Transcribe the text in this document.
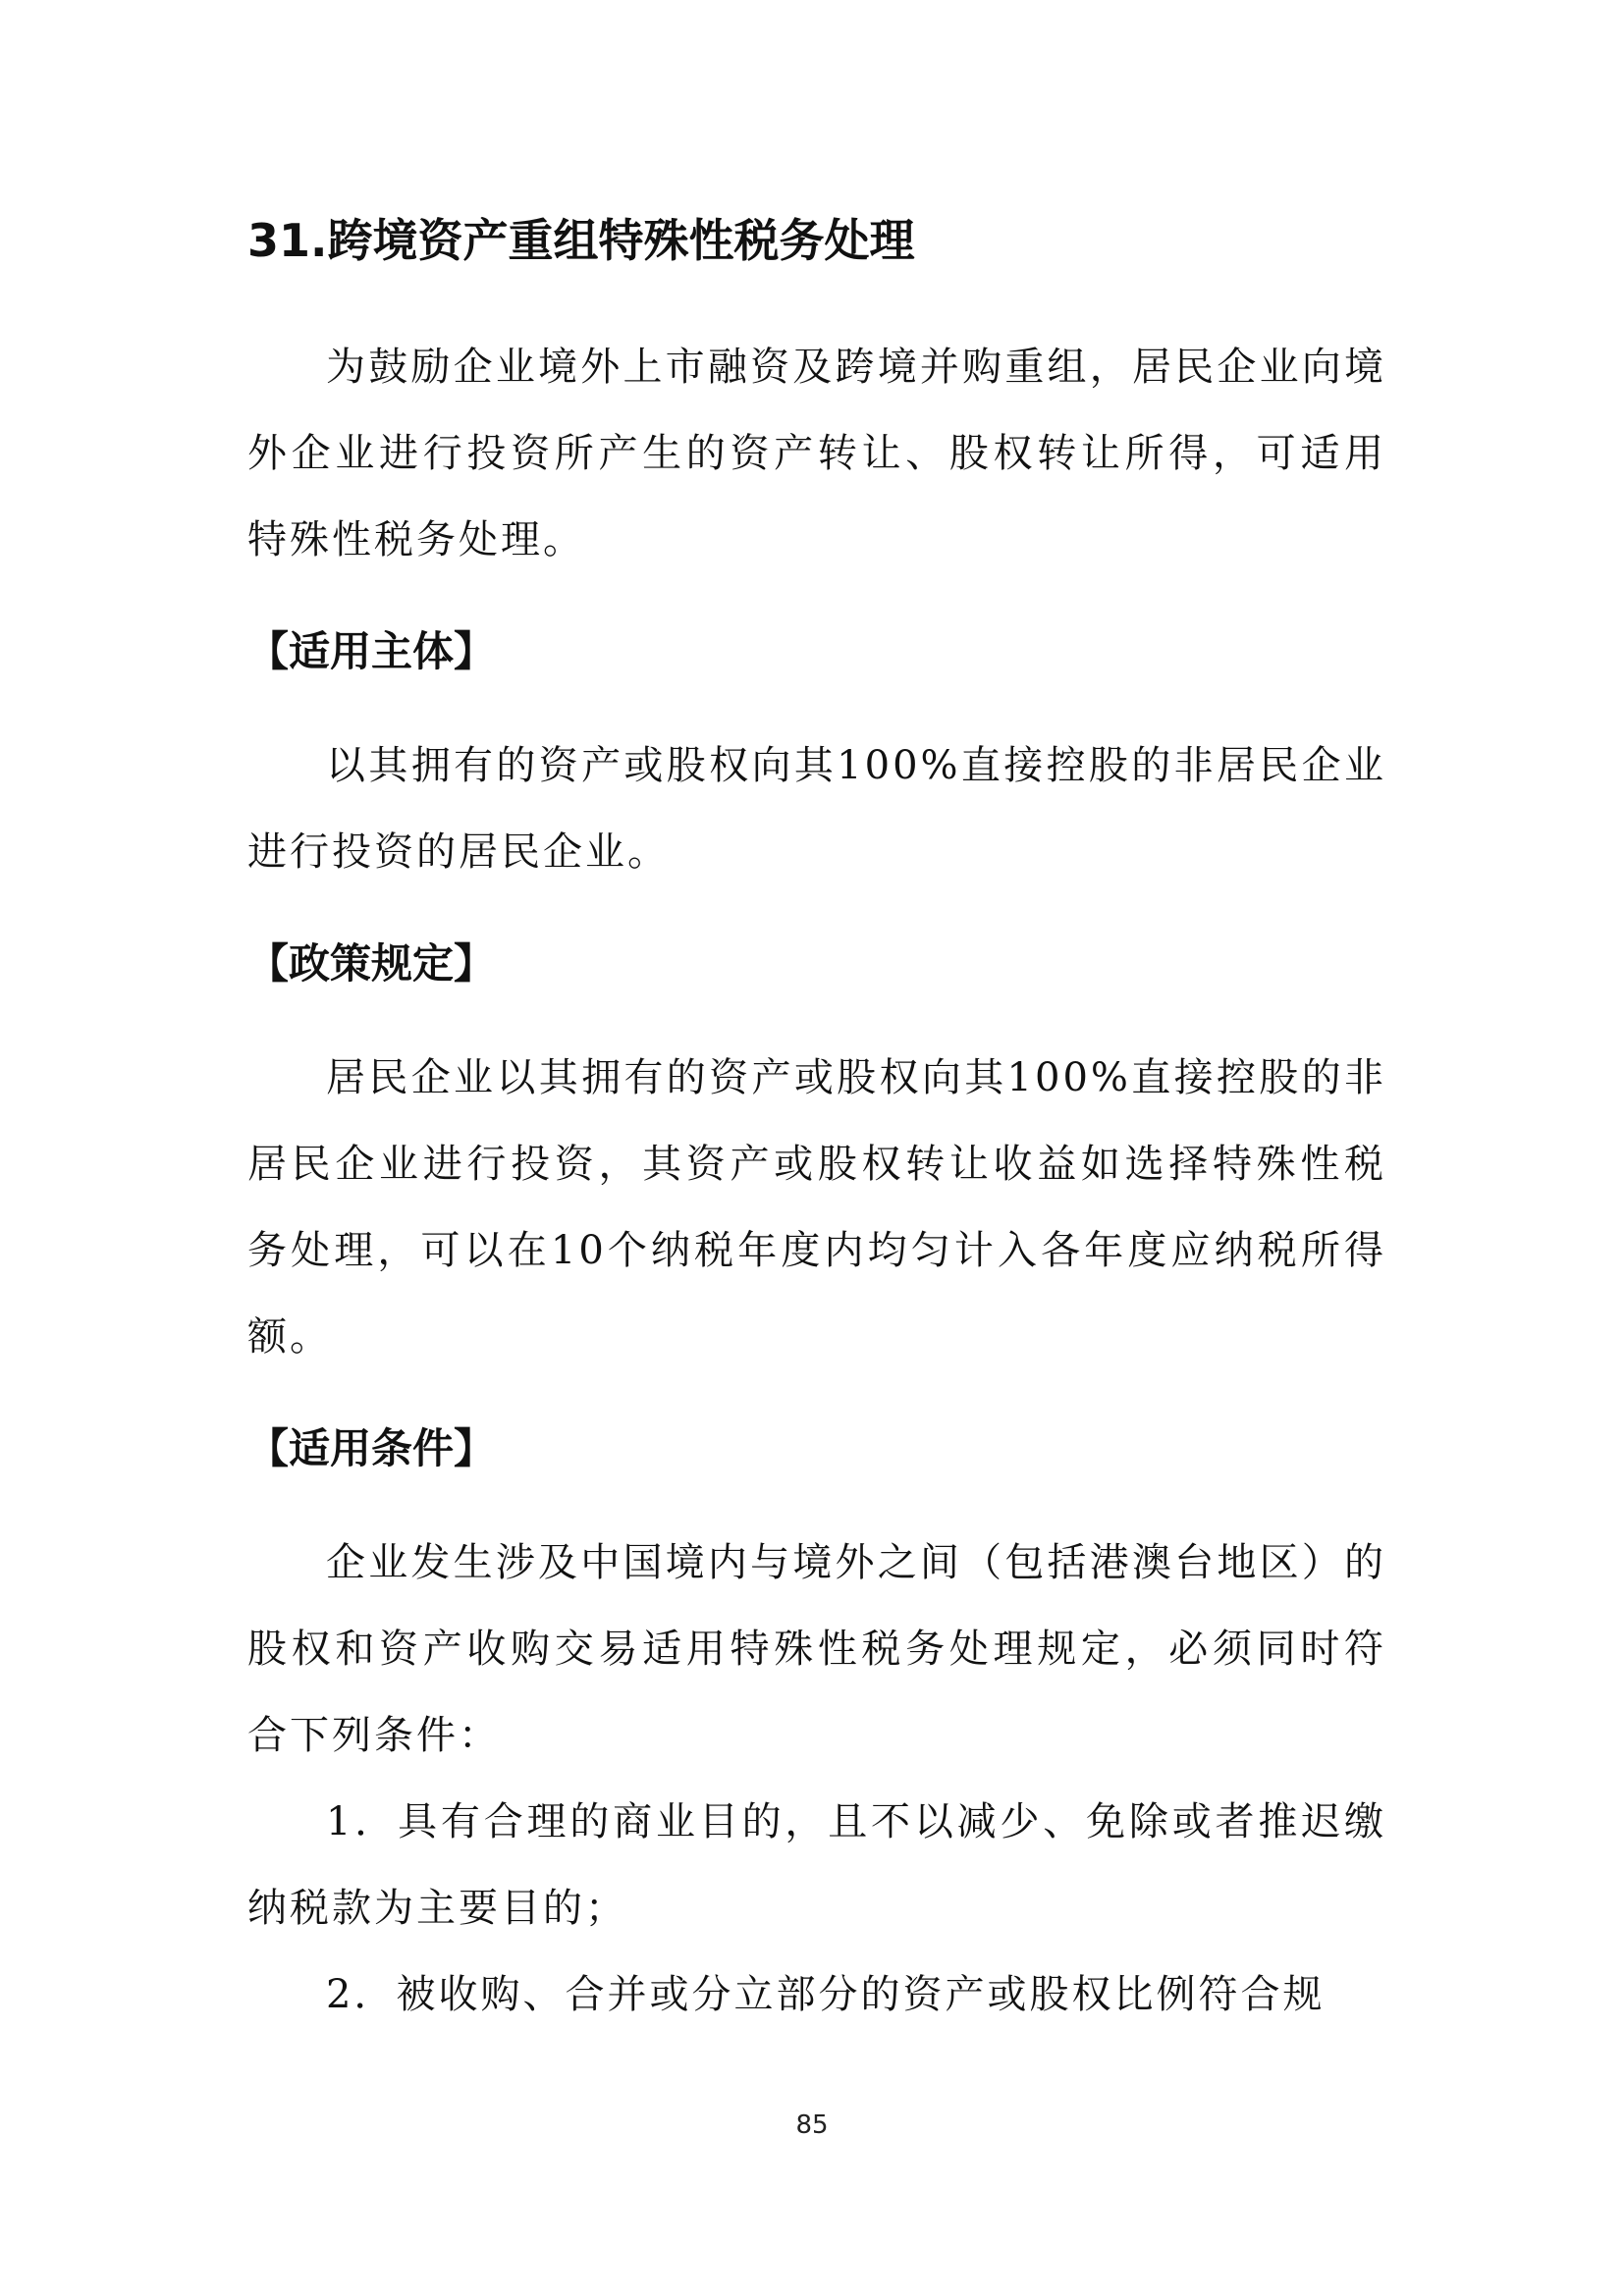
31.跨境资产重组特殊性税务处理

为鼓励企业境外上市融资及跨境并购重组，居民企业向境外企业进行投资所产生的资产转让、股权转让所得，可适用特殊性税务处理。

【适用主体】

以其拥有的资产或股权向其100%直接控股的非居民企业进行投资的居民企业。

【政策规定】

居民企业以其拥有的资产或股权向其100%直接控股的非居民企业进行投资，其资产或股权转让收益如选择特殊性税务处理，可以在10个纳税年度内均匀计入各年度应纳税所得额。

【适用条件】

企业发生涉及中国境内与境外之间（包括港澳台地区）的股权和资产收购交易适用特殊性税务处理规定，必须同时符合下列条件：

1．具有合理的商业目的，且不以减少、免除或者推迟缴纳税款为主要目的；

2．被收购、合并或分立部分的资产或股权比例符合规

85
